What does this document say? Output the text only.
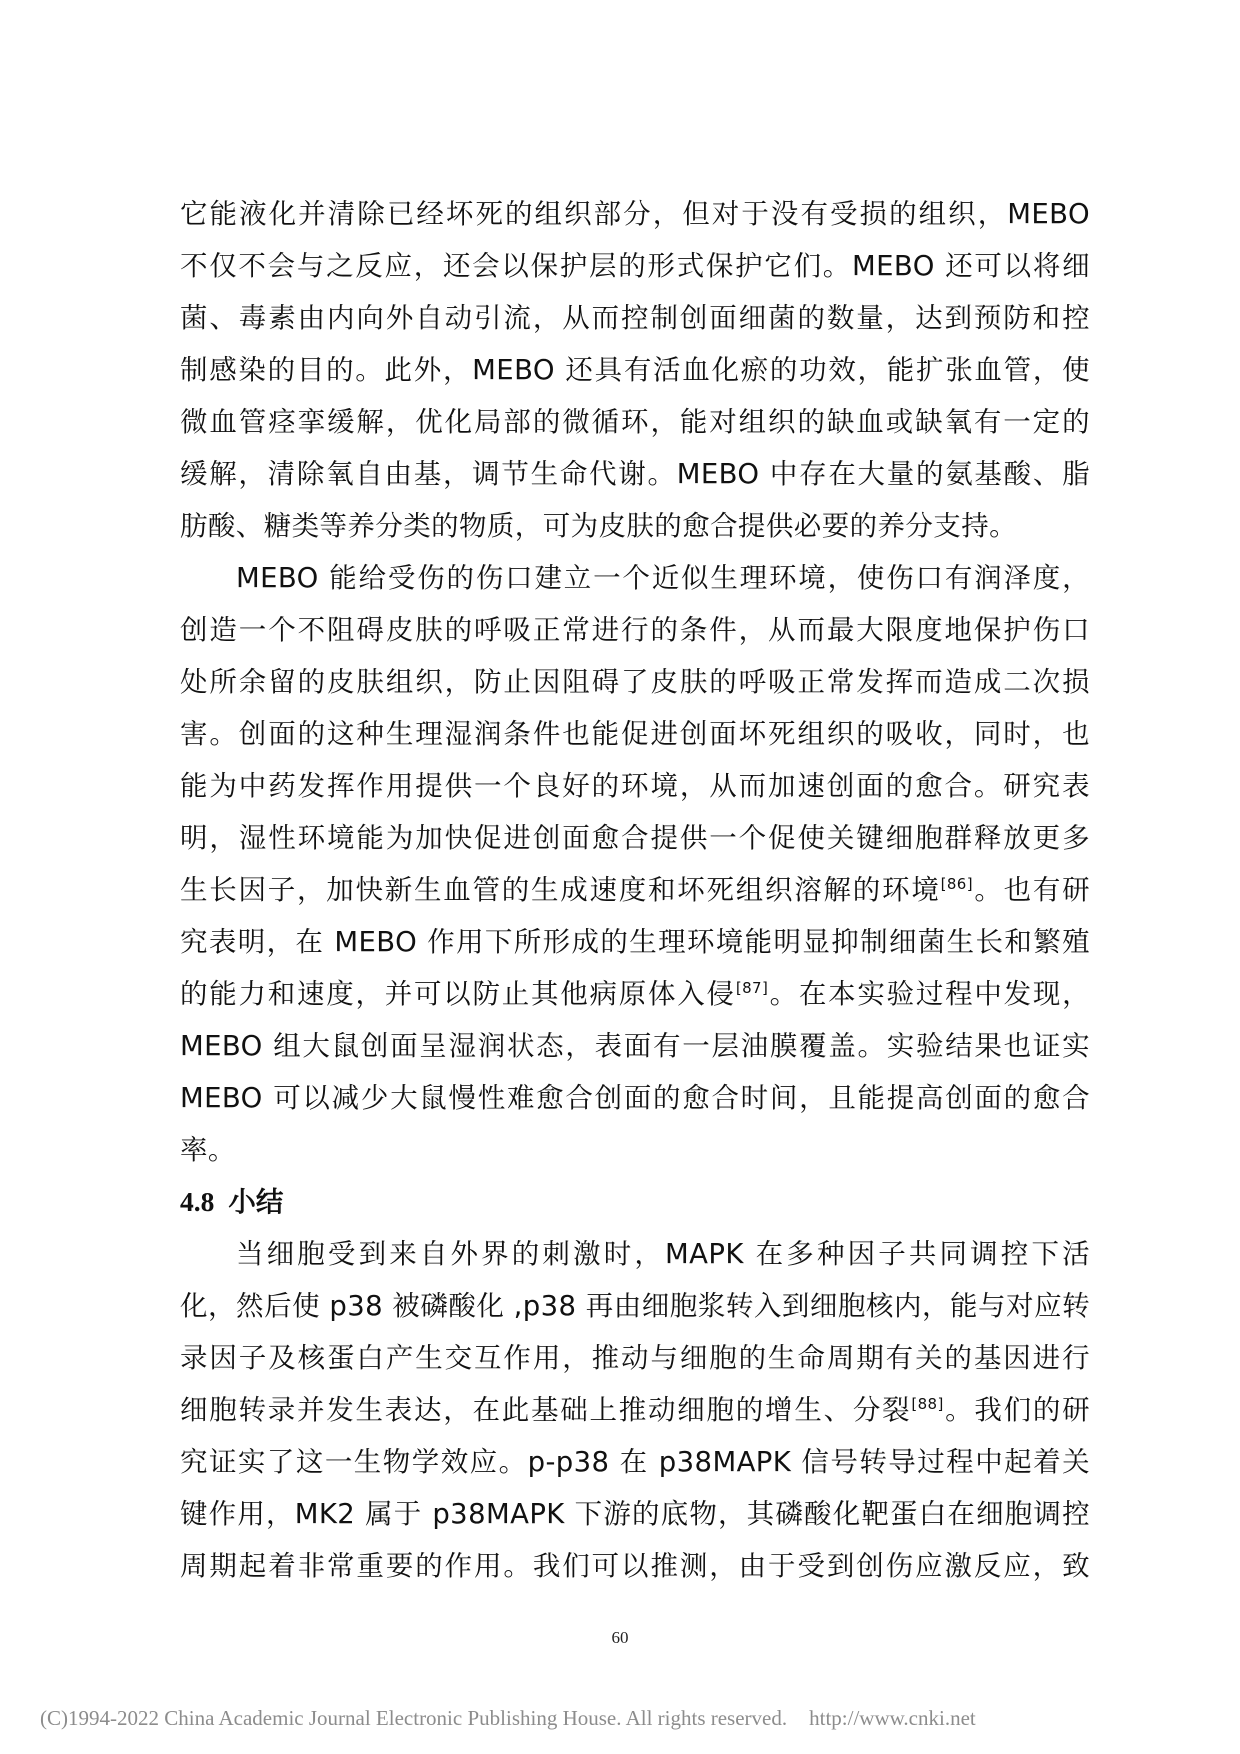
它能液化并清除已经坏死的组织部分，但对于没有受损的组织，MEBO
不仅不会与之反应，还会以保护层的形式保护它们。MEBO 还可以将细
菌、毒素由内向外自动引流，从而控制创面细菌的数量，达到预防和控
制感染的目的。此外，MEBO 还具有活血化瘀的功效，能扩张血管，使
微血管痉挛缓解，优化局部的微循环，能对组织的缺血或缺氧有一定的
缓解，清除氧自由基，调节生命代谢。MEBO 中存在大量的氨基酸、脂
肪酸、糖类等养分类的物质，可为皮肤的愈合提供必要的养分支持。
MEBO 能给受伤的伤口建立一个近似生理环境，使伤口有润泽度，
创造一个不阻碍皮肤的呼吸正常进行的条件，从而最大限度地保护伤口
处所余留的皮肤组织，防止因阻碍了皮肤的呼吸正常发挥而造成二次损
害。创面的这种生理湿润条件也能促进创面坏死组织的吸收，同时，也
能为中药发挥作用提供一个良好的环境，从而加速创面的愈合。研究表
明，湿性环境能为加快促进创面愈合提供一个促使关键细胞群释放更多
生长因子，加快新生血管的生成速度和坏死组织溶解的环境[86]。也有研
究表明，在 MEBO 作用下所形成的生理环境能明显抑制细菌生长和繁殖
的能力和速度，并可以防止其他病原体入侵[87]。在本实验过程中发现，
MEBO 组大鼠创面呈湿润状态，表面有一层油膜覆盖。实验结果也证实
MEBO 可以减少大鼠慢性难愈合创面的愈合时间，且能提高创面的愈合
率。
4.8 小结
当细胞受到来自外界的刺激时，MAPK 在多种因子共同调控下活
化，然后使 p38 被磷酸化 ,p38 再由细胞浆转入到细胞核内，能与对应转
录因子及核蛋白产生交互作用，推动与细胞的生命周期有关的基因进行
细胞转录并发生表达，在此基础上推动细胞的增生、分裂[88]。我们的研
究证实了这一生物学效应。p-p38 在 p38MAPK 信号转导过程中起着关
键作用，MK2 属于 p38MAPK 下游的底物，其磷酸化靶蛋白在细胞调控
周期起着非常重要的作用。我们可以推测，由于受到创伤应激反应，致
60
(C)1994-2022 China Academic Journal Electronic Publishing House. All rights reserved. http://www.cnki.net
